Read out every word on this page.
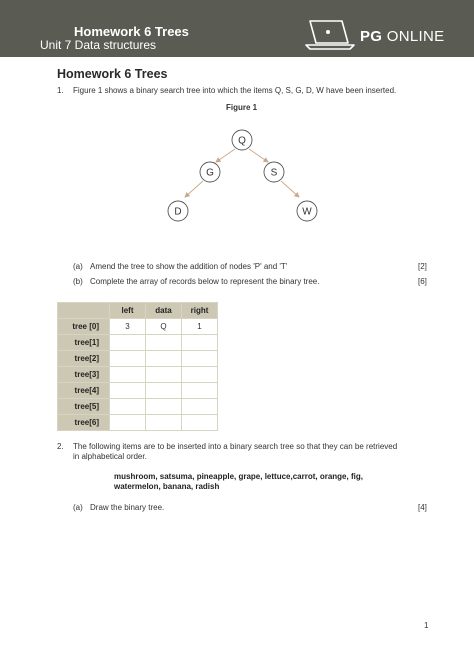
Homework 6 Trees
Unit 7 Data structures	PG ONLINE
Homework 6 Trees
1. Figure 1 shows a binary search tree into which the items Q, S, G, D, W have been inserted.
Figure 1
Q
G	S
D	W
(a) Amend the tree to show the addition of nodes 'P' and 'T'	[2]
(b) Complete the array of records below to represent the binary tree.	[6]
	left	data	right
tree [0]	3	Q	1
tree[1]			
tree[2]			
tree[3]			
tree[4]			
tree[5]			
tree[6]			
2. The following items are to be inserted into a binary search tree so that they can be retrieved
in alphabetical order.
mushroom, satsuma, pineapple, grape, lettuce,carrot, orange, fig,
watermelon, banana, radish
(a) Draw the binary tree.	[4]
1
